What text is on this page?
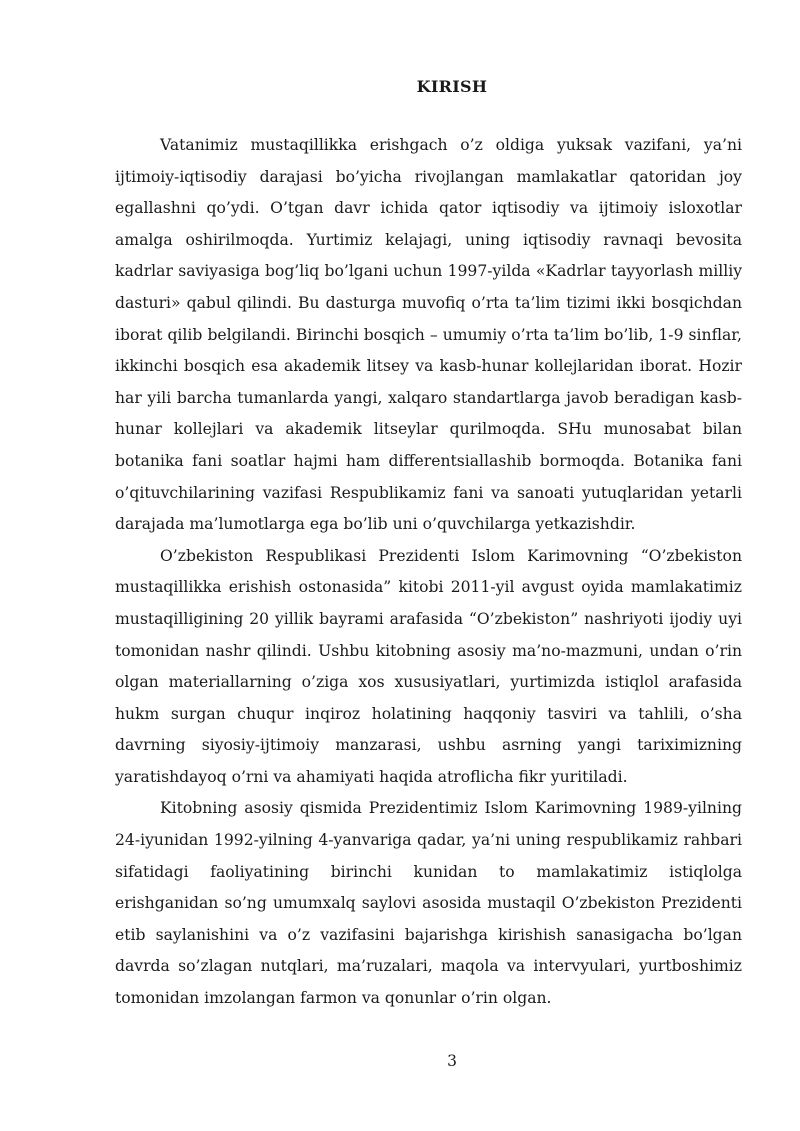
KIRISH

Vatanimiz mustaqillikka erishgach o’z oldiga yuksak vazifani, ya’ni ijtimoiy-iqtisodiy darajasi bo’yicha rivojlangan mamlakatlar qatoridan joy egallashni qo’ydi. O’tgan davr ichida qator iqtisodiy va ijtimoiy isloxotlar amalga oshirilmoqda. Yurtimiz kelajagi, uning iqtisodiy ravnaqi bevosita kadrlar saviyasiga bog’liq bo’lgani uchun 1997-yilda «Kadrlar tayyorlash milliy dasturi» qabul qilindi. Bu dasturga muvofiq o’rta ta’lim tizimi ikki bosqichdan iborat qilib belgilandi. Birinchi bosqich – umumiy o’rta ta’lim bo’lib, 1-9 sinflar, ikkinchi bosqich esa akademik litsey va kasb-hunar kollejlaridan iborat. Hozir har yili barcha tumanlarda yangi, xalqaro standartlarga javob beradigan kasb-hunar kollejlari va akademik litseylar qurilmoqda. SHu munosabat bilan botanika fani soatlar hajmi ham differentsiallashib bormoqda. Botanika fani o’qituvchilarining vazifasi Respublikamiz fani va sanoati yutuqlaridan yetarli darajada ma’lumotlarga ega bo’lib uni o’quvchilarga yetkazishdir.

O’zbekiston Respublikasi Prezidenti Islom Karimovning “O’zbekiston mustaqillikka erishish ostonasida” kitobi 2011-yil avgust oyida mamlakatimiz mustaqilligining 20 yillik bayrami arafasida “O’zbekiston” nashriyoti ijodiy uyi tomonidan nashr qilindi. Ushbu kitobning asosiy ma’no-mazmuni, undan o’rin olgan materiallarning o’ziga xos xususiyatlari, yurtimizda istiqlol arafasida hukm surgan chuqur inqiroz holatining haqqoniy tasviri va tahlili, o’sha davrning siyosiy-ijtimoiy manzarasi, ushbu asrning yangi tariximizning yaratishdayoq o’rni va ahamiyati haqida atroflicha fikr yuritiladi.

Kitobning asosiy qismida Prezidentimiz Islom Karimovning 1989-yilning 24-iyunidan 1992-yilning 4-yanvariga qadar, ya’ni uning respublikamiz rahbari sifatidagi faoliyatining birinchi kunidan to mamlakatimiz istiqlolga erishganidan so’ng umumxalq saylovi asosida mustaqil O’zbekiston Prezidenti etib saylanishini va o’z vazifasini bajarishga kirishish sanasigacha bo’lgan davrda so’zlagan nutqlari, ma’ruzalari, maqola va intervyulari, yurtboshimiz tomonidan imzolangan farmon va qonunlar o’rin olgan.

3
